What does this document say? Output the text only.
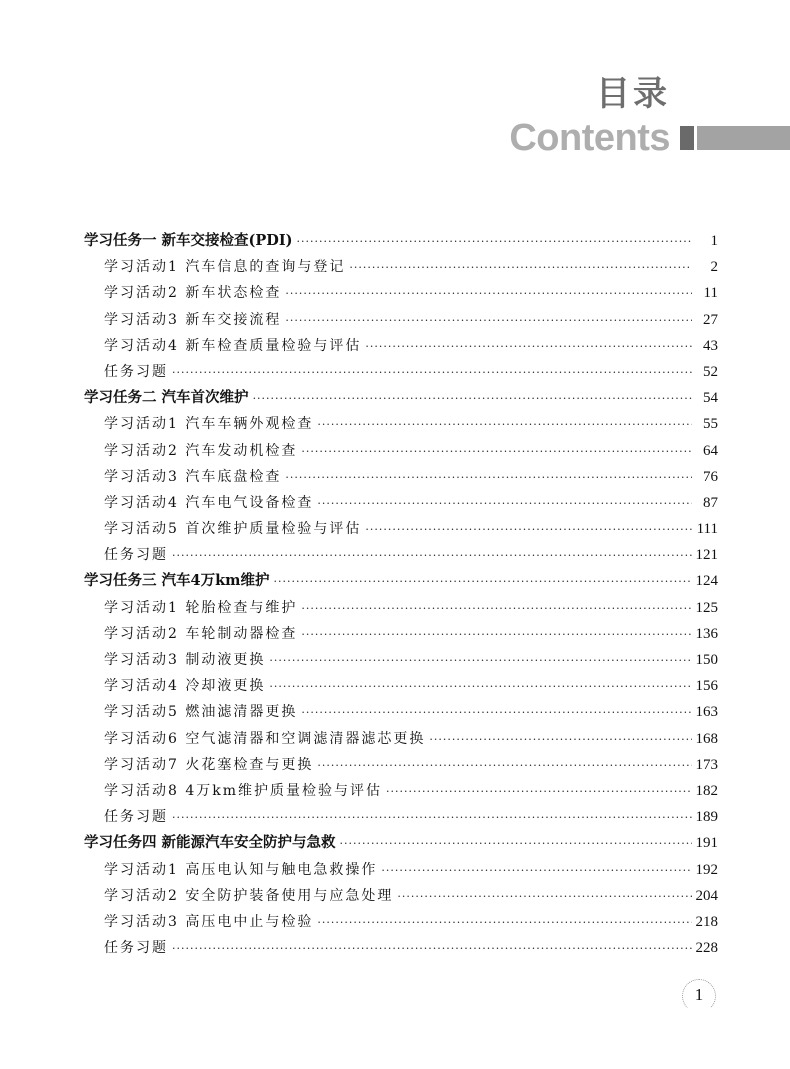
目录
Contents
学习任务一 新车交接检查(PDI) ·····	1
学习活动1 汽车信息的查询与登记 ·····	2
学习活动2 新车状态检查 ·····	11
学习活动3 新车交接流程 ·····	27
学习活动4 新车检查质量检验与评估 ·····	43
任务习题 ·····	52
学习任务二 汽车首次维护 ·····	54
学习活动1 汽车车辆外观检查 ·····	55
学习活动2 汽车发动机检查 ·····	64
学习活动3 汽车底盘检查 ·····	76
学习活动4 汽车电气设备检查 ·····	87
学习活动5 首次维护质量检验与评估 ·····	111
任务习题 ·····	121
学习任务三 汽车4万km维护 ·····	124
学习活动1 轮胎检查与维护 ·····	125
学习活动2 车轮制动器检查 ·····	136
学习活动3 制动液更换 ·····	150
学习活动4 冷却液更换 ·····	156
学习活动5 燃油滤清器更换 ·····	163
学习活动6 空气滤清器和空调滤清器滤芯更换 ·····	168
学习活动7 火花塞检查与更换 ·····	173
学习活动8 4万km维护质量检验与评估 ·····	182
任务习题 ·····	189
学习任务四 新能源汽车安全防护与急救 ·····	191
学习活动1 高压电认知与触电急救操作 ·····	192
学习活动2 安全防护装备使用与应急处理 ·····	204
学习活动3 高压电中止与检验 ·····	218
任务习题 ·····	228
1
